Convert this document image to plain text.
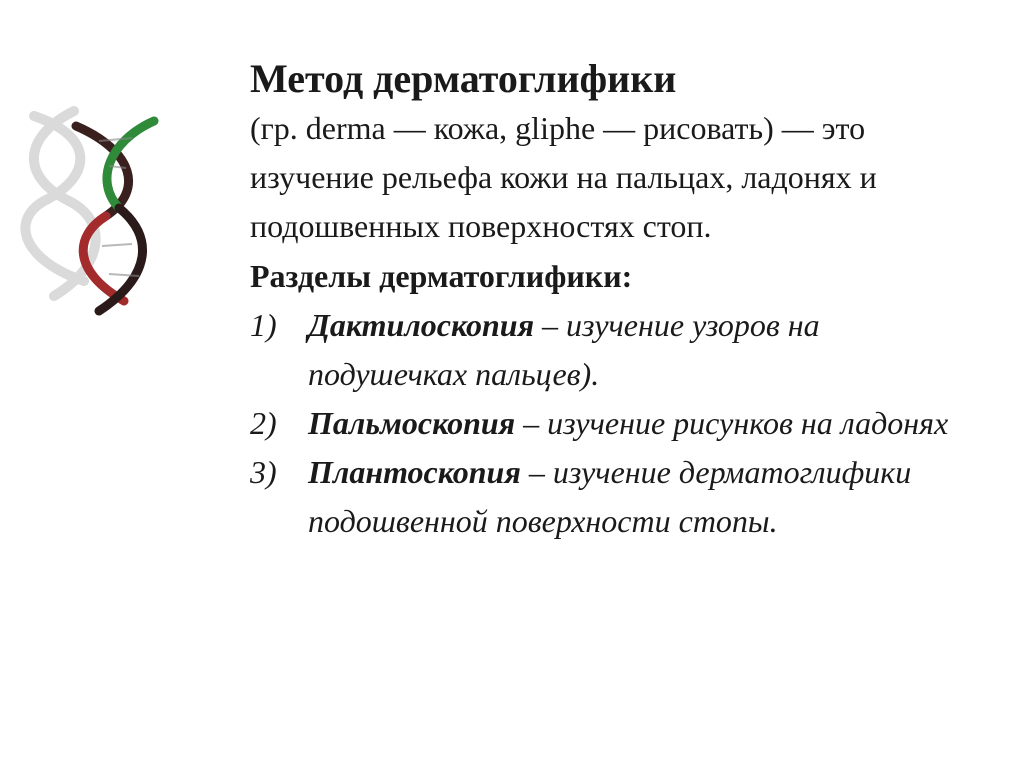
Метод дерматоглифики

(гр. derma — кожа, gliphe — рисовать) — это изучение рельефа кожи на пальцах, ладонях и подошвенных поверхностях стоп.

Разделы дерматоглифики:

1) Дактилоскопия – изучение узоров на подушечках пальцев).
2) Пальмоскопия – изучение рисунков на ладонях
3) Плантоскопия – изучение дерматоглифики подошвенной поверхности стопы.
